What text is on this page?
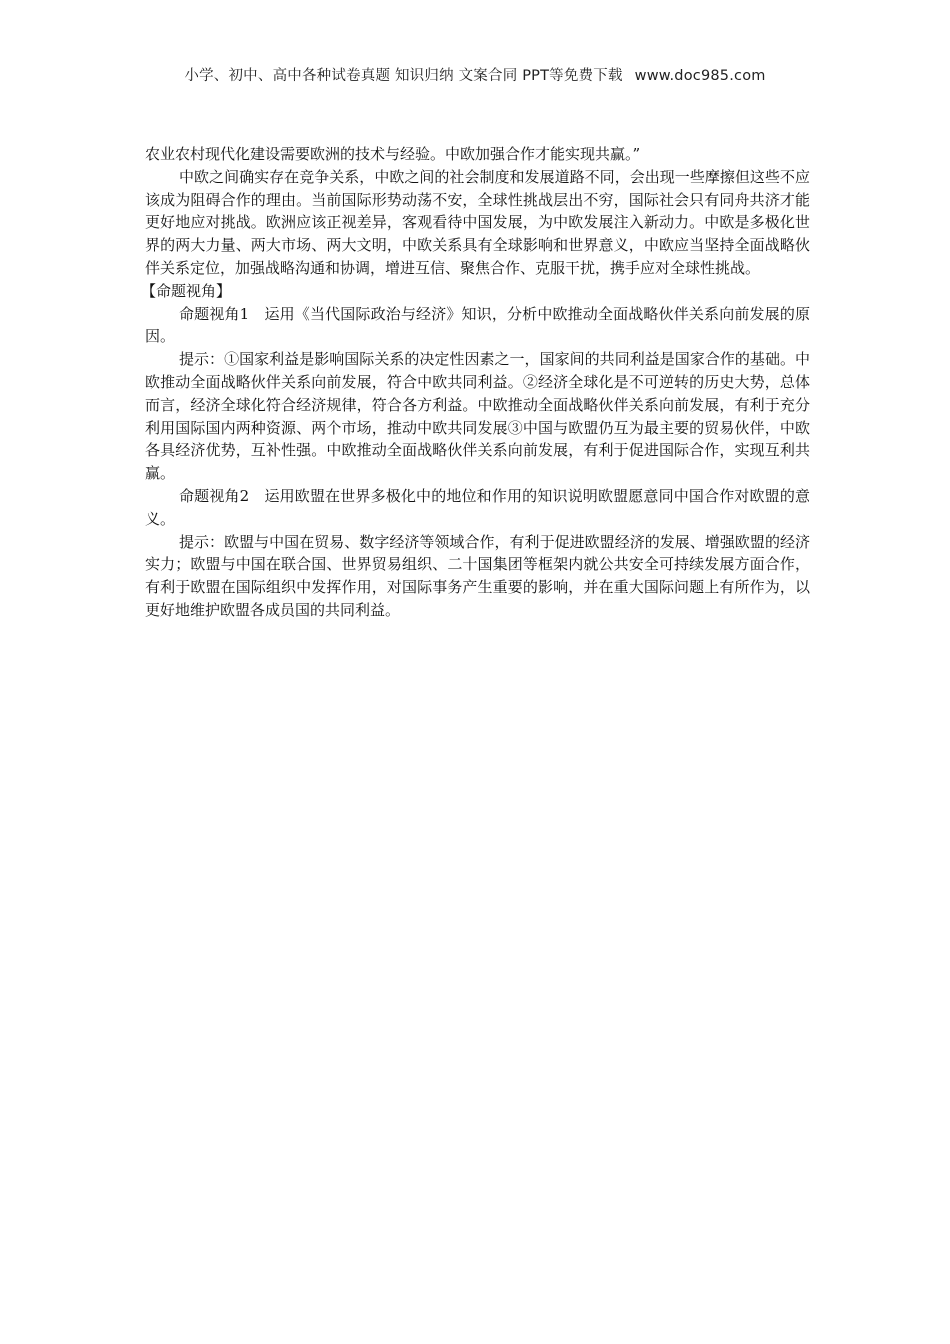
小学、初中、高中各种试卷真题 知识归纳 文案合同 PPT等免费下载 www.doc985.com

农业农村现代化建设需要欧洲的技术与经验。中欧加强合作才能实现共赢。”

中欧之间确实存在竞争关系，中欧之间的社会制度和发展道路不同，会出现一些摩擦但这些不应该成为阻碍合作的理由。当前国际形势动荡不安，全球性挑战层出不穷，国际社会只有同舟共济才能更好地应对挑战。欧洲应该正视差异，客观看待中国发展，为中欧发展注入新动力。中欧是多极化世界的两大力量、两大市场、两大文明，中欧关系具有全球影响和世界意义，中欧应当坚持全面战略伙伴关系定位，加强战略沟通和协调，增进互信、聚焦合作、克服干扰，携手应对全球性挑战。

【命题视角】

命题视角1　运用《当代国际政治与经济》知识，分析中欧推动全面战略伙伴关系向前发展的原因。

提示：①国家利益是影响国际关系的决定性因素之一，国家间的共同利益是国家合作的基础。中欧推动全面战略伙伴关系向前发展，符合中欧共同利益。②经济全球化是不可逆转的历史大势，总体而言，经济全球化符合经济规律，符合各方利益。中欧推动全面战略伙伴关系向前发展，有利于充分利用国际国内两种资源、两个市场，推动中欧共同发展③中国与欧盟仍互为最主要的贸易伙伴，中欧各具经济优势，互补性强。中欧推动全面战略伙伴关系向前发展，有利于促进国际合作，实现互利共赢。

命题视角2　运用欧盟在世界多极化中的地位和作用的知识说明欧盟愿意同中国合作对欧盟的意义。

提示：欧盟与中国在贸易、数字经济等领域合作，有利于促进欧盟经济的发展、增强欧盟的经济实力；欧盟与中国在联合国、世界贸易组织、二十国集团等框架内就公共安全可持续发展方面合作，有利于欧盟在国际组织中发挥作用，对国际事务产生重要的影响，并在重大国际问题上有所作为，以更好地维护欧盟各成员国的共同利益。
